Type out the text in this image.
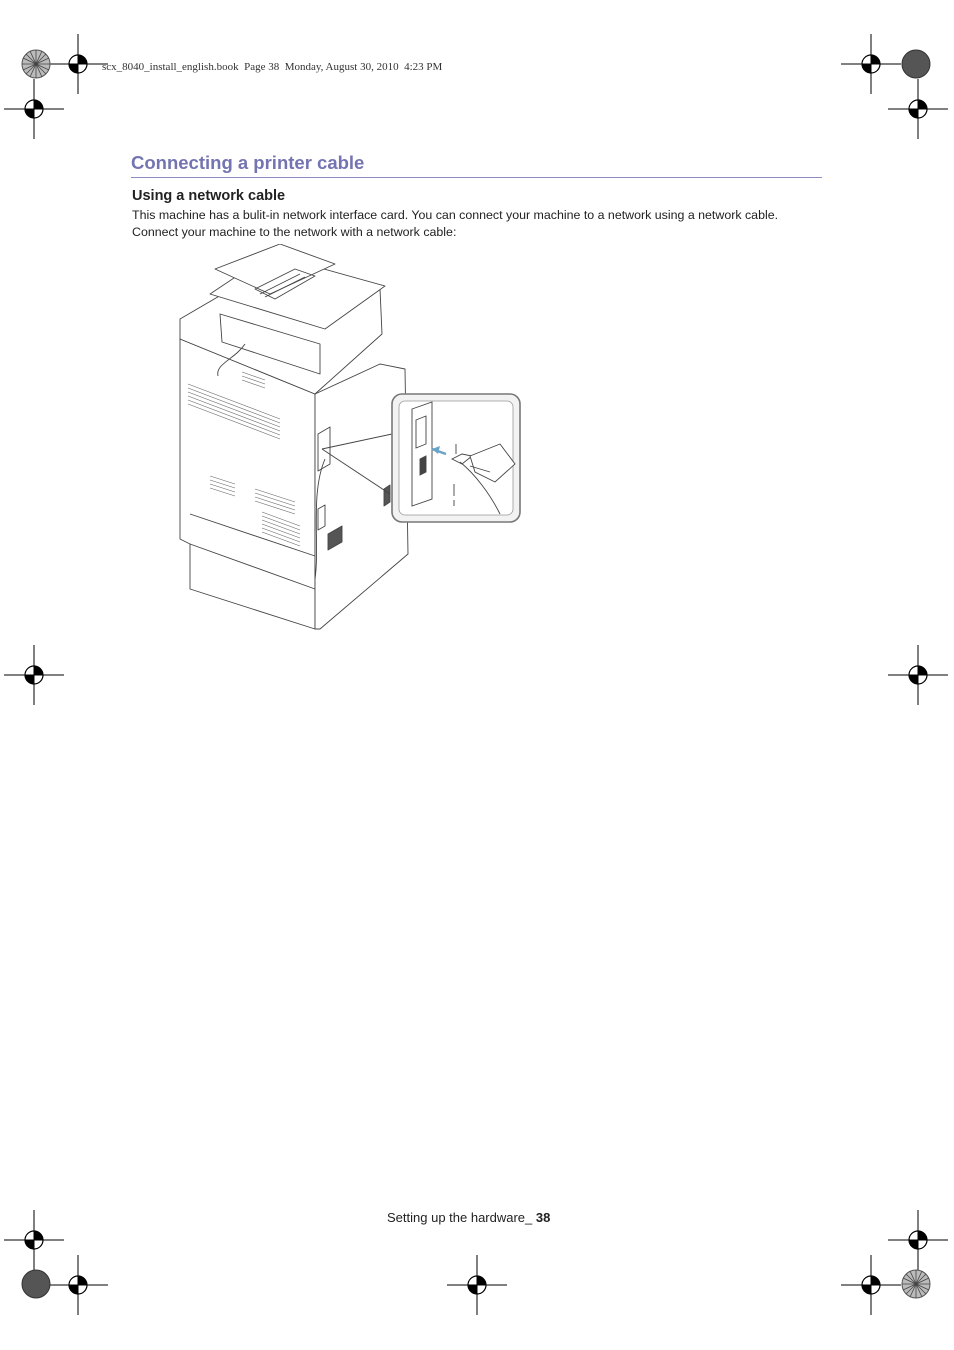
scx_8040_install_english.book  Page 38  Monday, August 30, 2010  4:23 PM
Connecting a printer cable
Using a network cable

This machine has a bulit-in network interface card. You can connect your machine to a network using a network cable.

Connect your machine to the network with a network cable:

Setting up the hardware_ 38
